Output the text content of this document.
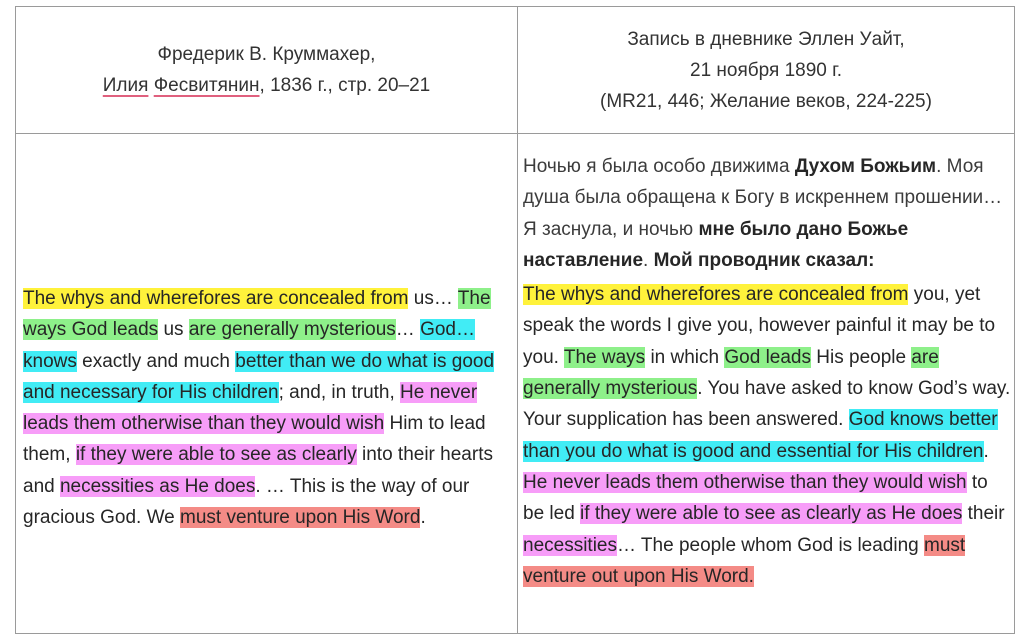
Фредерик В. Круммахер,
Илия Фесвитянин, 1836 г., стр. 20–21
Запись в дневнике Эллен Уайт,
21 ноября 1890 г.
(MR21, 446; Желание веков, 224-225)

The whys and wherefores are concealed from us… The ways God leads us are generally mysterious… God…knows exactly and much better than we do what is good and necessary for His children; and, in truth, He never leads them otherwise than they would wish Him to lead them, if they were able to see as clearly into their hearts and necessities as He does. … This is the way of our gracious God. We must venture upon His Word.

Ночью я была особо движима Духом Божьим. Моя душа была обращена к Богу в искреннем прошении… Я заснула, и ночью мне было дано Божье наставление. Мой проводник сказал:

The whys and wherefores are concealed from you, yet speak the words I give you, however painful it may be to you. The ways in which God leads His people are generally mysterious. You have asked to know God’s way. Your supplication has been answered. God knows better than you do what is good and essential for His children. He never leads them otherwise than they would wish to be led if they were able to see as clearly as He does their necessities… The people whom God is leading must venture out upon His Word.
